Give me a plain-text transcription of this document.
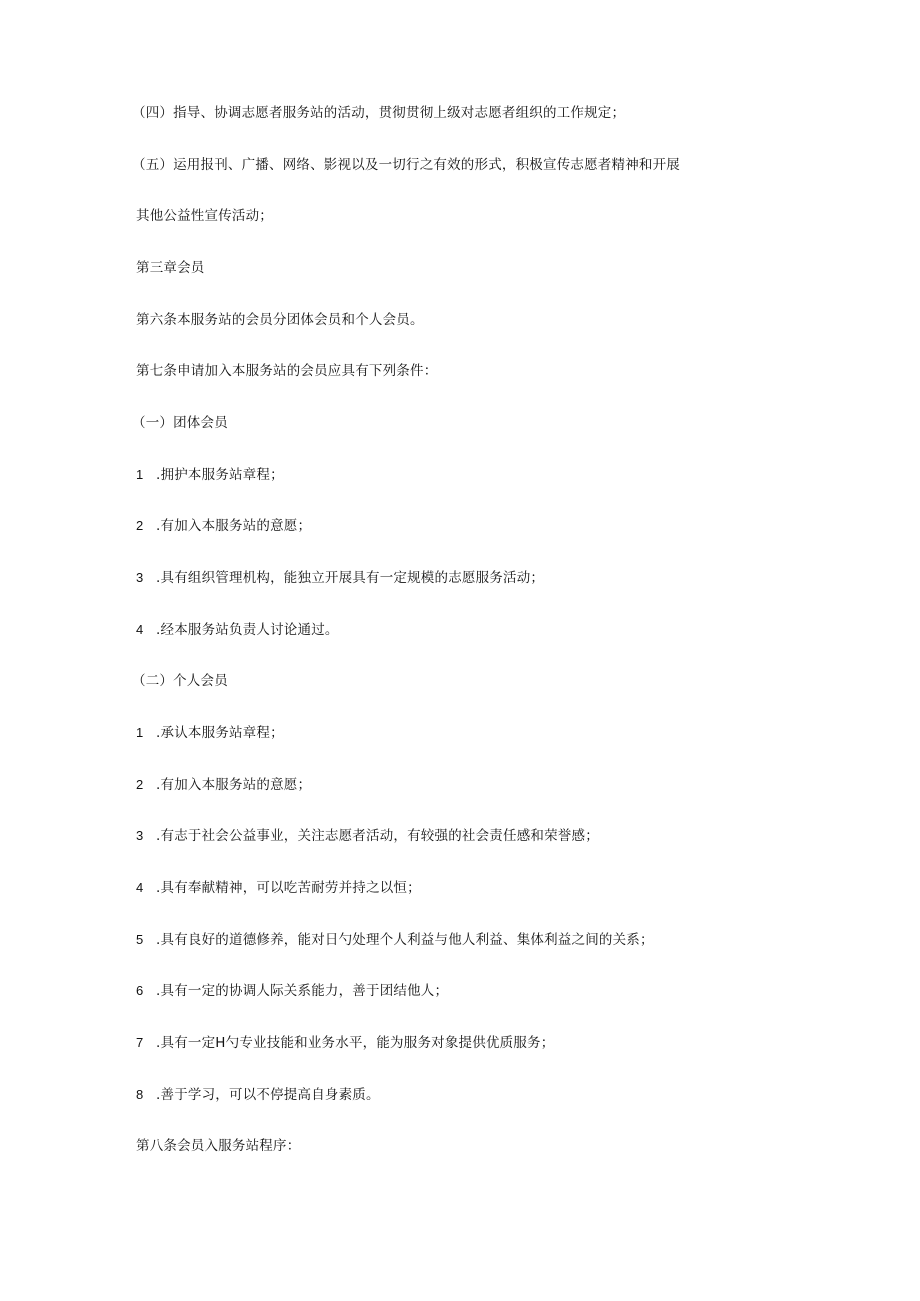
（四）指导、协调志愿者服务站的活动，贯彻贯彻上级对志愿者组织的工作规定；
（五）运用报刊、广播、网络、影视以及一切行之有效的形式，积极宣传志愿者精神和开展
其他公益性宣传活动；
第三章会员
第六条本服务站的会员分团体会员和个人会员。
第七条申请加入本服务站的会员应具有下列条件：
（一）团体会员
1 .拥护本服务站章程；
2 .有加入本服务站的意愿；
3 .具有组织管理机构，能独立开展具有一定规模的志愿服务活动；
4 .经本服务站负责人讨论通过。
（二）个人会员
1 .承认本服务站章程；
2 .有加入本服务站的意愿；
3 .有志于社会公益事业，关注志愿者活动，有较强的社会责任感和荣誉感；
4 .具有奉献精神，可以吃苦耐劳并持之以恒；
5 .具有良好的道德修养，能对日勺处理个人利益与他人利益、集体利益之间的关系；
6 .具有一定的协调人际关系能力，善于团结他人；
7 .具有一定H勺专业技能和业务水平，能为服务对象提供优质服务；
8 .善于学习，可以不停提高自身素质。
第八条会员入服务站程序：
